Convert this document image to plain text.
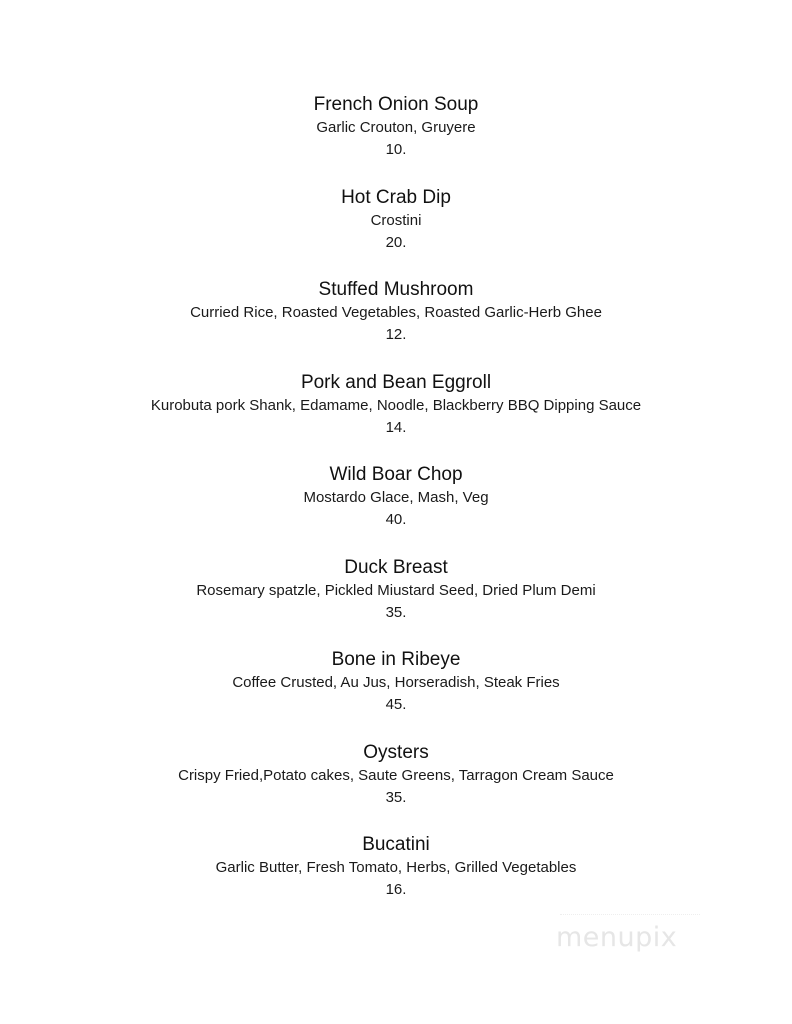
French Onion Soup
Garlic Crouton, Gruyere
10.
Hot Crab Dip
Crostini
20.
Stuffed Mushroom
Curried Rice, Roasted Vegetables, Roasted Garlic-Herb Ghee
12.
Pork and Bean Eggroll
Kurobuta pork Shank, Edamame, Noodle, Blackberry BBQ Dipping Sauce
14.
Wild Boar Chop
Mostardo Glace, Mash, Veg
40.
Duck Breast
Rosemary spatzle, Pickled Miustard Seed, Dried Plum Demi
35.
Bone in Ribeye
Coffee Crusted, Au Jus, Horseradish, Steak Fries
45.
Oysters
Crispy Fried,Potato cakes, Saute Greens, Tarragon Cream Sauce
35.
Bucatini
Garlic Butter, Fresh Tomato, Herbs, Grilled Vegetables
16.
menupix
